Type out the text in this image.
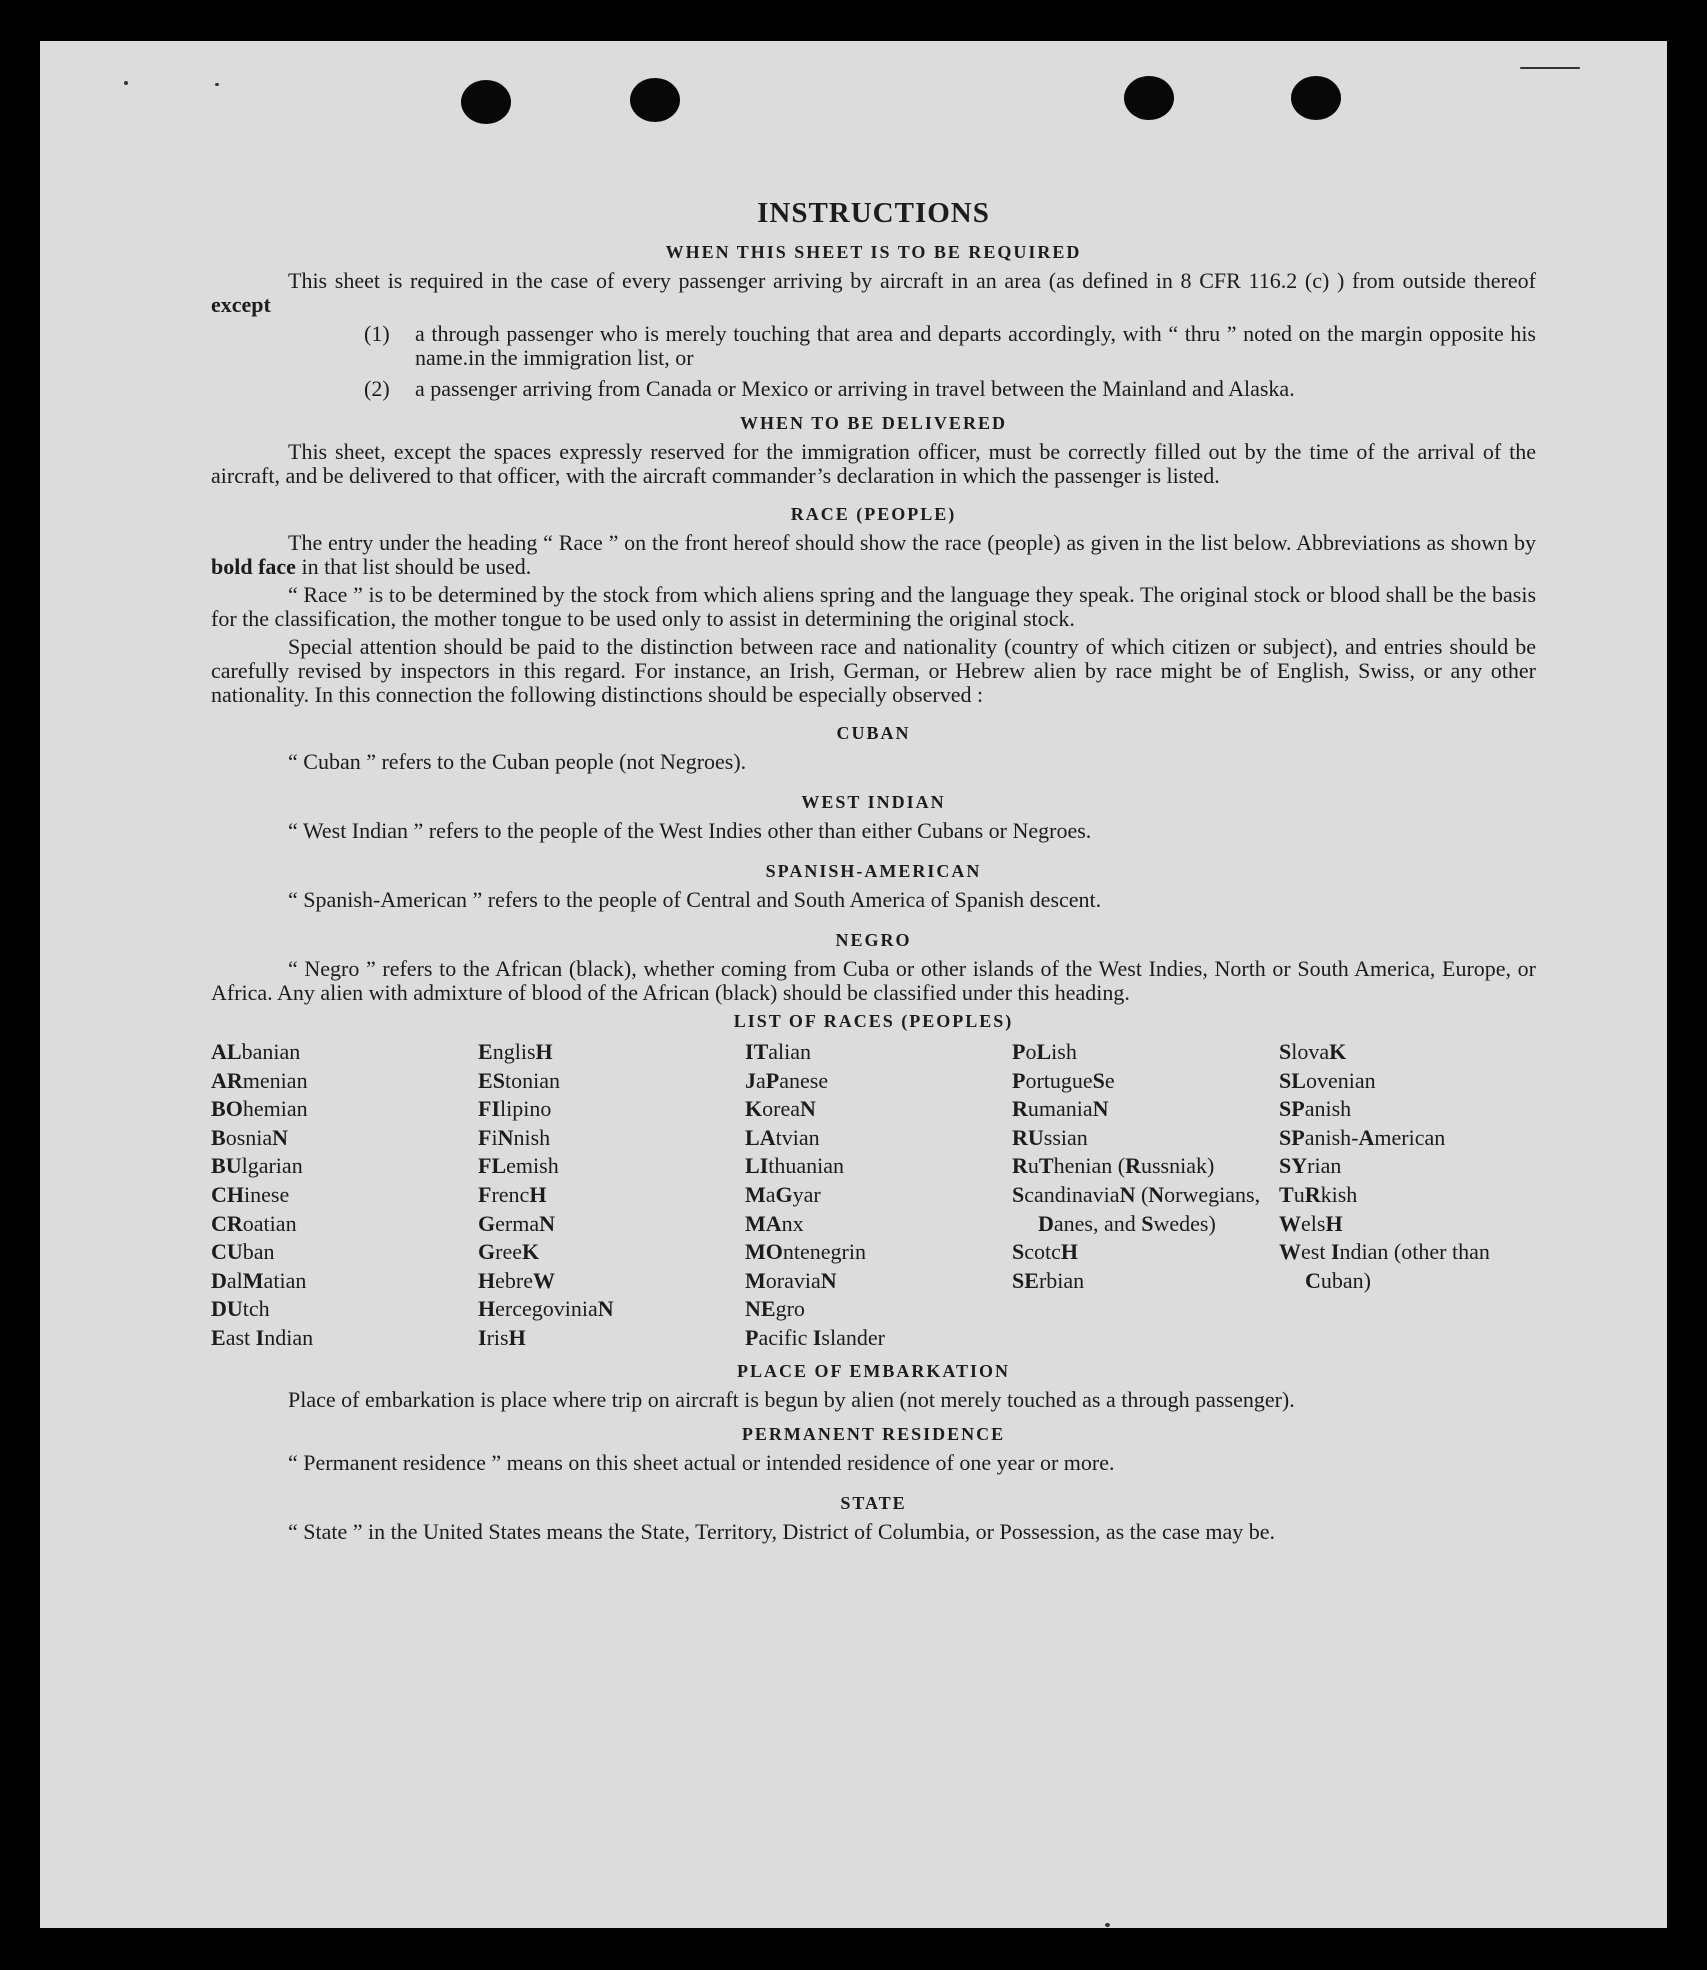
INSTRUCTIONS
WHEN THIS SHEET IS TO BE REQUIRED

This sheet is required in the case of every passenger arriving by aircraft in an area (as defined in 8 CFR 116.2 (c) ) from outside thereof except

(1) a through passenger who is merely touching that area and departs accordingly, with “ thru ” noted on the margin opposite his name.in the immigration list, or
(2) a passenger arriving from Canada or Mexico or arriving in travel between the Mainland and Alaska.
WHEN TO BE DELIVERED

This sheet, except the spaces expressly reserved for the immigration officer, must be correctly filled out by the time of the arrival of the aircraft, and be delivered to that officer, with the aircraft commander’s declaration in which the passenger is listed.

RACE (PEOPLE)

The entry under the heading “ Race ” on the front hereof should show the race (people) as given in the list below. Abbreviations as shown by bold face in that list should be used.

“ Race ” is to be determined by the stock from which aliens spring and the language they speak. The original stock or blood shall be the basis for the classification, the mother tongue to be used only to assist in determining the original stock.

Special attention should be paid to the distinction between race and nationality (country of which citizen or subject), and entries should be carefully revised by inspectors in this regard. For instance, an Irish, German, or Hebrew alien by race might be of English, Swiss, or any other nationality. In this connection the following distinctions should be especially observed :

CUBAN

“ Cuban ” refers to the Cuban people (not Negroes).

WEST INDIAN

“ West Indian ” refers to the people of the West Indies other than either Cubans or Negroes.

SPANISH-AMERICAN

“ Spanish-American ” refers to the people of Central and South America of Spanish descent.

NEGRO

“ Negro ” refers to the African (black), whether coming from Cuba or other islands of the West Indies, North or South America, Europe, or Africa. Any alien with admixture of blood of the African (black) should be classified under this heading.

LIST OF RACES (PEOPLES)
ALbanian
ARmenian
BOhemian
BosniaN
BUlgarian
CHinese
CRoatian
CUban
DalMatian
DUtch
East Indian
EnglisH
EStonian
FIlipino
FiNnish
FLemish
FrencH
GermaN
GreeK
HebreW
HercegoviniaN
IrisH
ITalian
JaPanese
KoreaN
LAtvian
LIthuanian
MaGyar
MAnx
MOntenegrin
MoraviaN
NEgro
Pacific Islander
PoLish
PortugueSe
RumaniaN
RUssian
RuThenian (Russniak)
ScandinaviaN (Norwegians, Danes, and Swedes)
ScotcH
SErbian
SlovaK
SLovenian
SPanish
SPanish-American
SYrian
TuRkish
WelsH
West Indian (other than Cuban)
PLACE OF EMBARKATION

Place of embarkation is place where trip on aircraft is begun by alien (not merely touched as a through passenger).

PERMANENT RESIDENCE

“ Permanent residence ” means on this sheet actual or intended residence of one year or more.

STATE

“ State ” in the United States means the State, Territory, District of Columbia, or Possession, as the case may be.
